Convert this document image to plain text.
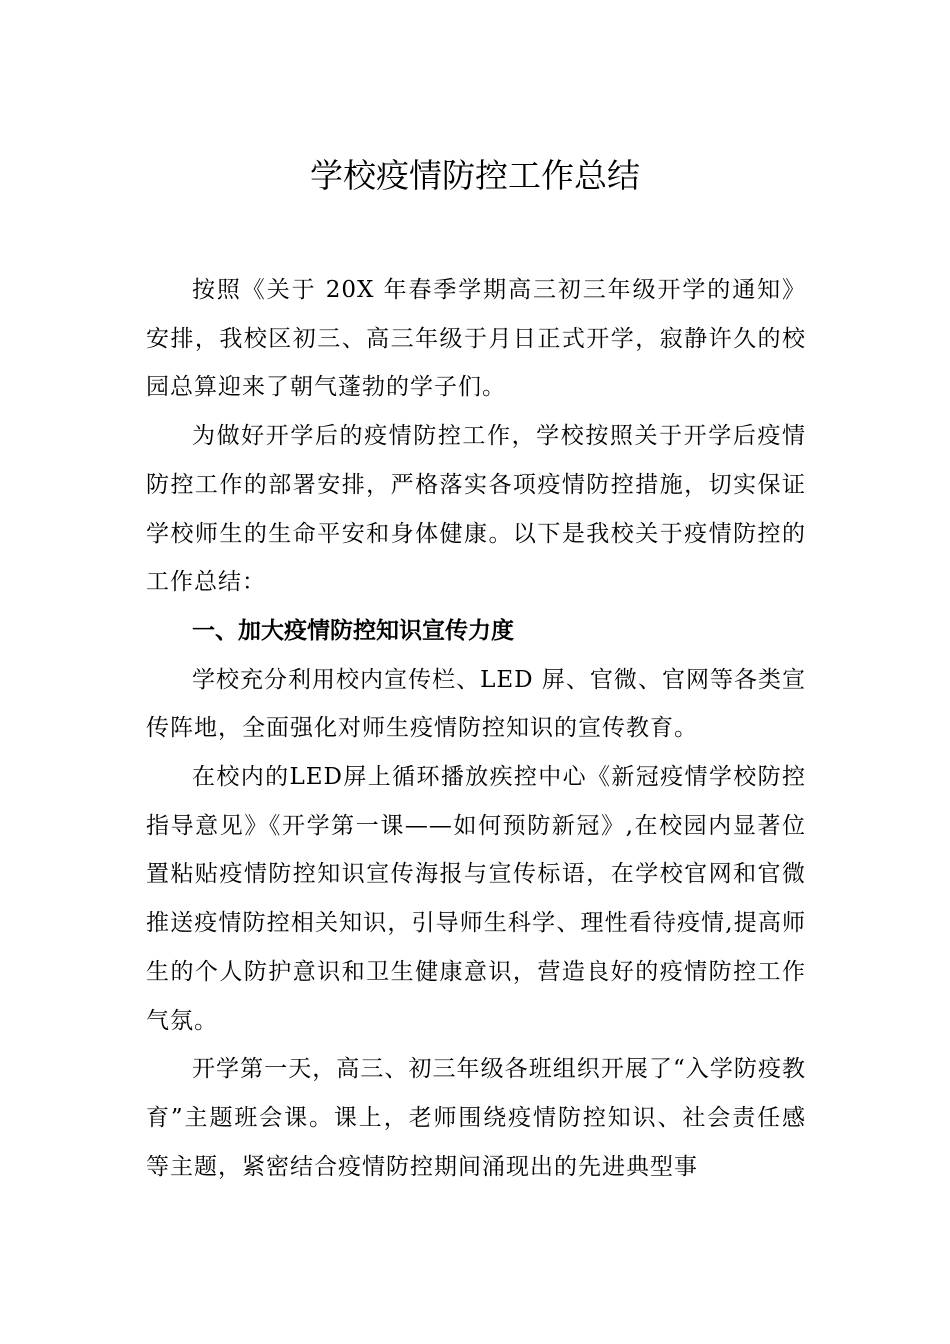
学校疫情防控工作总结

按照《关于 20X 年春季学期高三初三年级开学的通知》安排，我校区初三、高三年级于月日正式开学，寂静许久的校园总算迎来了朝气蓬勃的学子们。

为做好开学后的疫情防控工作，学校按照关于开学后疫情防控工作的部署安排，严格落实各项疫情防控措施，切实保证学校师生的生命平安和身体健康。以下是我校关于疫情防控的工作总结：

一、加大疫情防控知识宣传力度

学校充分利用校内宣传栏、LED 屏、官微、官网等各类宣传阵地，全面强化对师生疫情防控知识的宣传教育。

在校内的LED屏上循环播放疾控中心《新冠疫情学校防控指导意见》《开学第一课——如何预防新冠》,在校园内显著位置粘贴疫情防控知识宣传海报与宣传标语，在学校官网和官微推送疫情防控相关知识，引导师生科学、理性看待疫情,提高师生的个人防护意识和卫生健康意识，营造良好的疫情防控工作气氛。

开学第一天，高三、初三年级各班组织开展了“入学防疫教育”主题班会课。课上，老师围绕疫情防控知识、社会责任感等主题，紧密结合疫情防控期间涌现出的先进典型事
